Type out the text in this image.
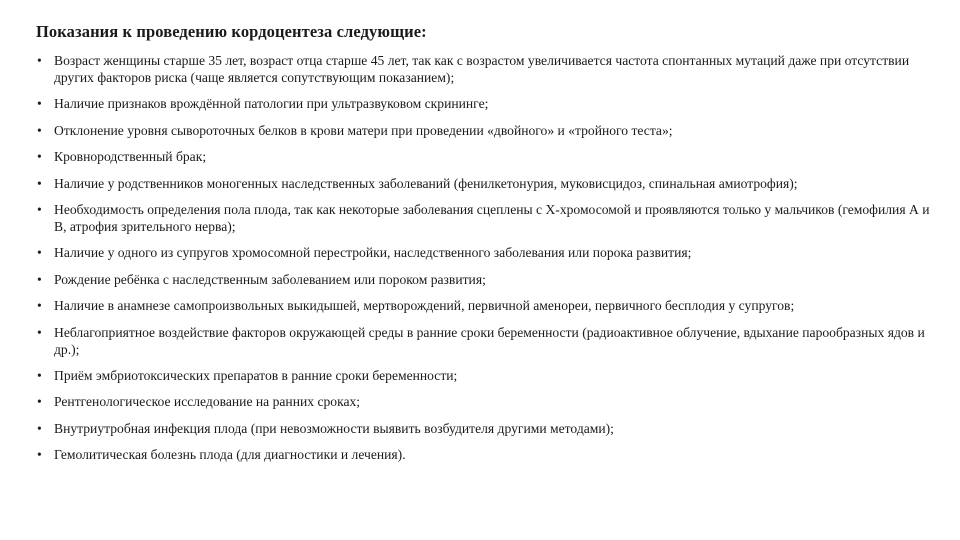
Показания к проведению кордоцентеза следующие:
• Возраст женщины старше 35 лет, возраст отца старше 45 лет, так как с возрастом увеличивается частота спонтанных мутаций даже при отсутствии других факторов риска (чаще является сопутствующим показанием);
• Наличие признаков врождённой патологии при ультразвуковом скрининге;
• Отклонение уровня сывороточных белков в крови матери при проведении «двойного» и «тройного теста»;
• Кровнородственный брак;
• Наличие у родственников моногенных наследственных заболеваний (фенилкетонурия, муковисцидоз, спинальная амиотрофия);
• Необходимость определения пола плода, так как некоторые заболевания сцеплены с Х-хромосомой и проявляются только у мальчиков (гемофилия А и В, атрофия зрительного нерва);
• Наличие у одного из супругов хромосомной перестройки, наследственного заболевания или порока развития;
• Рождение ребёнка с наследственным заболеванием или пороком развития;
• Наличие в анамнезе самопроизвольных выкидышей, мертворождений, первичной аменореи, первичного бесплодия у супругов;
• Неблагоприятное воздействие факторов окружающей среды в ранние сроки беременности (радиоактивное облучение, вдыхание парообразных ядов и др.);
• Приём эмбриотоксических препаратов в ранние сроки беременности;
• Рентгенологическое исследование на ранних сроках;
• Внутриутробная инфекция плода (при невозможности выявить возбудителя другими методами);
• Гемолитическая болезнь плода (для диагностики и лечения).
